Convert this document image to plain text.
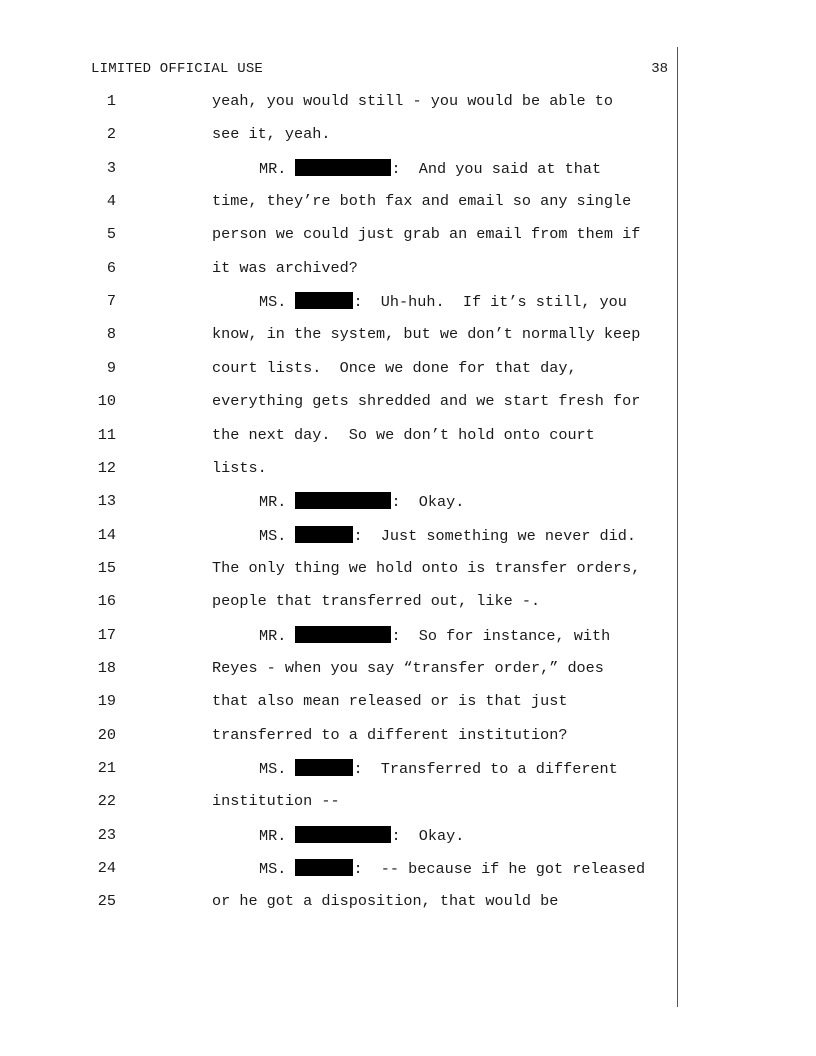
LIMITED OFFICIAL USE	38
1	yeah, you would still - you would be able to
2	see it, yeah.
3	MR.	:  And you said at that
4	time, they’re both fax and email so any single
5	person we could just grab an email from them if
6	it was archived?
7	MS.	:  Uh-huh.  If it’s still, you
8	know, in the system, but we don’t normally keep
9	court lists.  Once we done for that day,
10	everything gets shredded and we start fresh for
11	the next day.  So we don’t hold onto court
12	lists.
13	MR.	:  Okay.
14	MS.	:  Just something we never did.
15	The only thing we hold onto is transfer orders,
16	people that transferred out, like -.
17	MR.	:  So for instance, with
18	Reyes - when you say “transfer order,” does
19	that also mean released or is that just
20	transferred to a different institution?
21	MS.	:  Transferred to a different
22	institution --
23	MR.	:  Okay.
24	MS.	:  -- because if he got released
25	or he got a disposition, that would be
